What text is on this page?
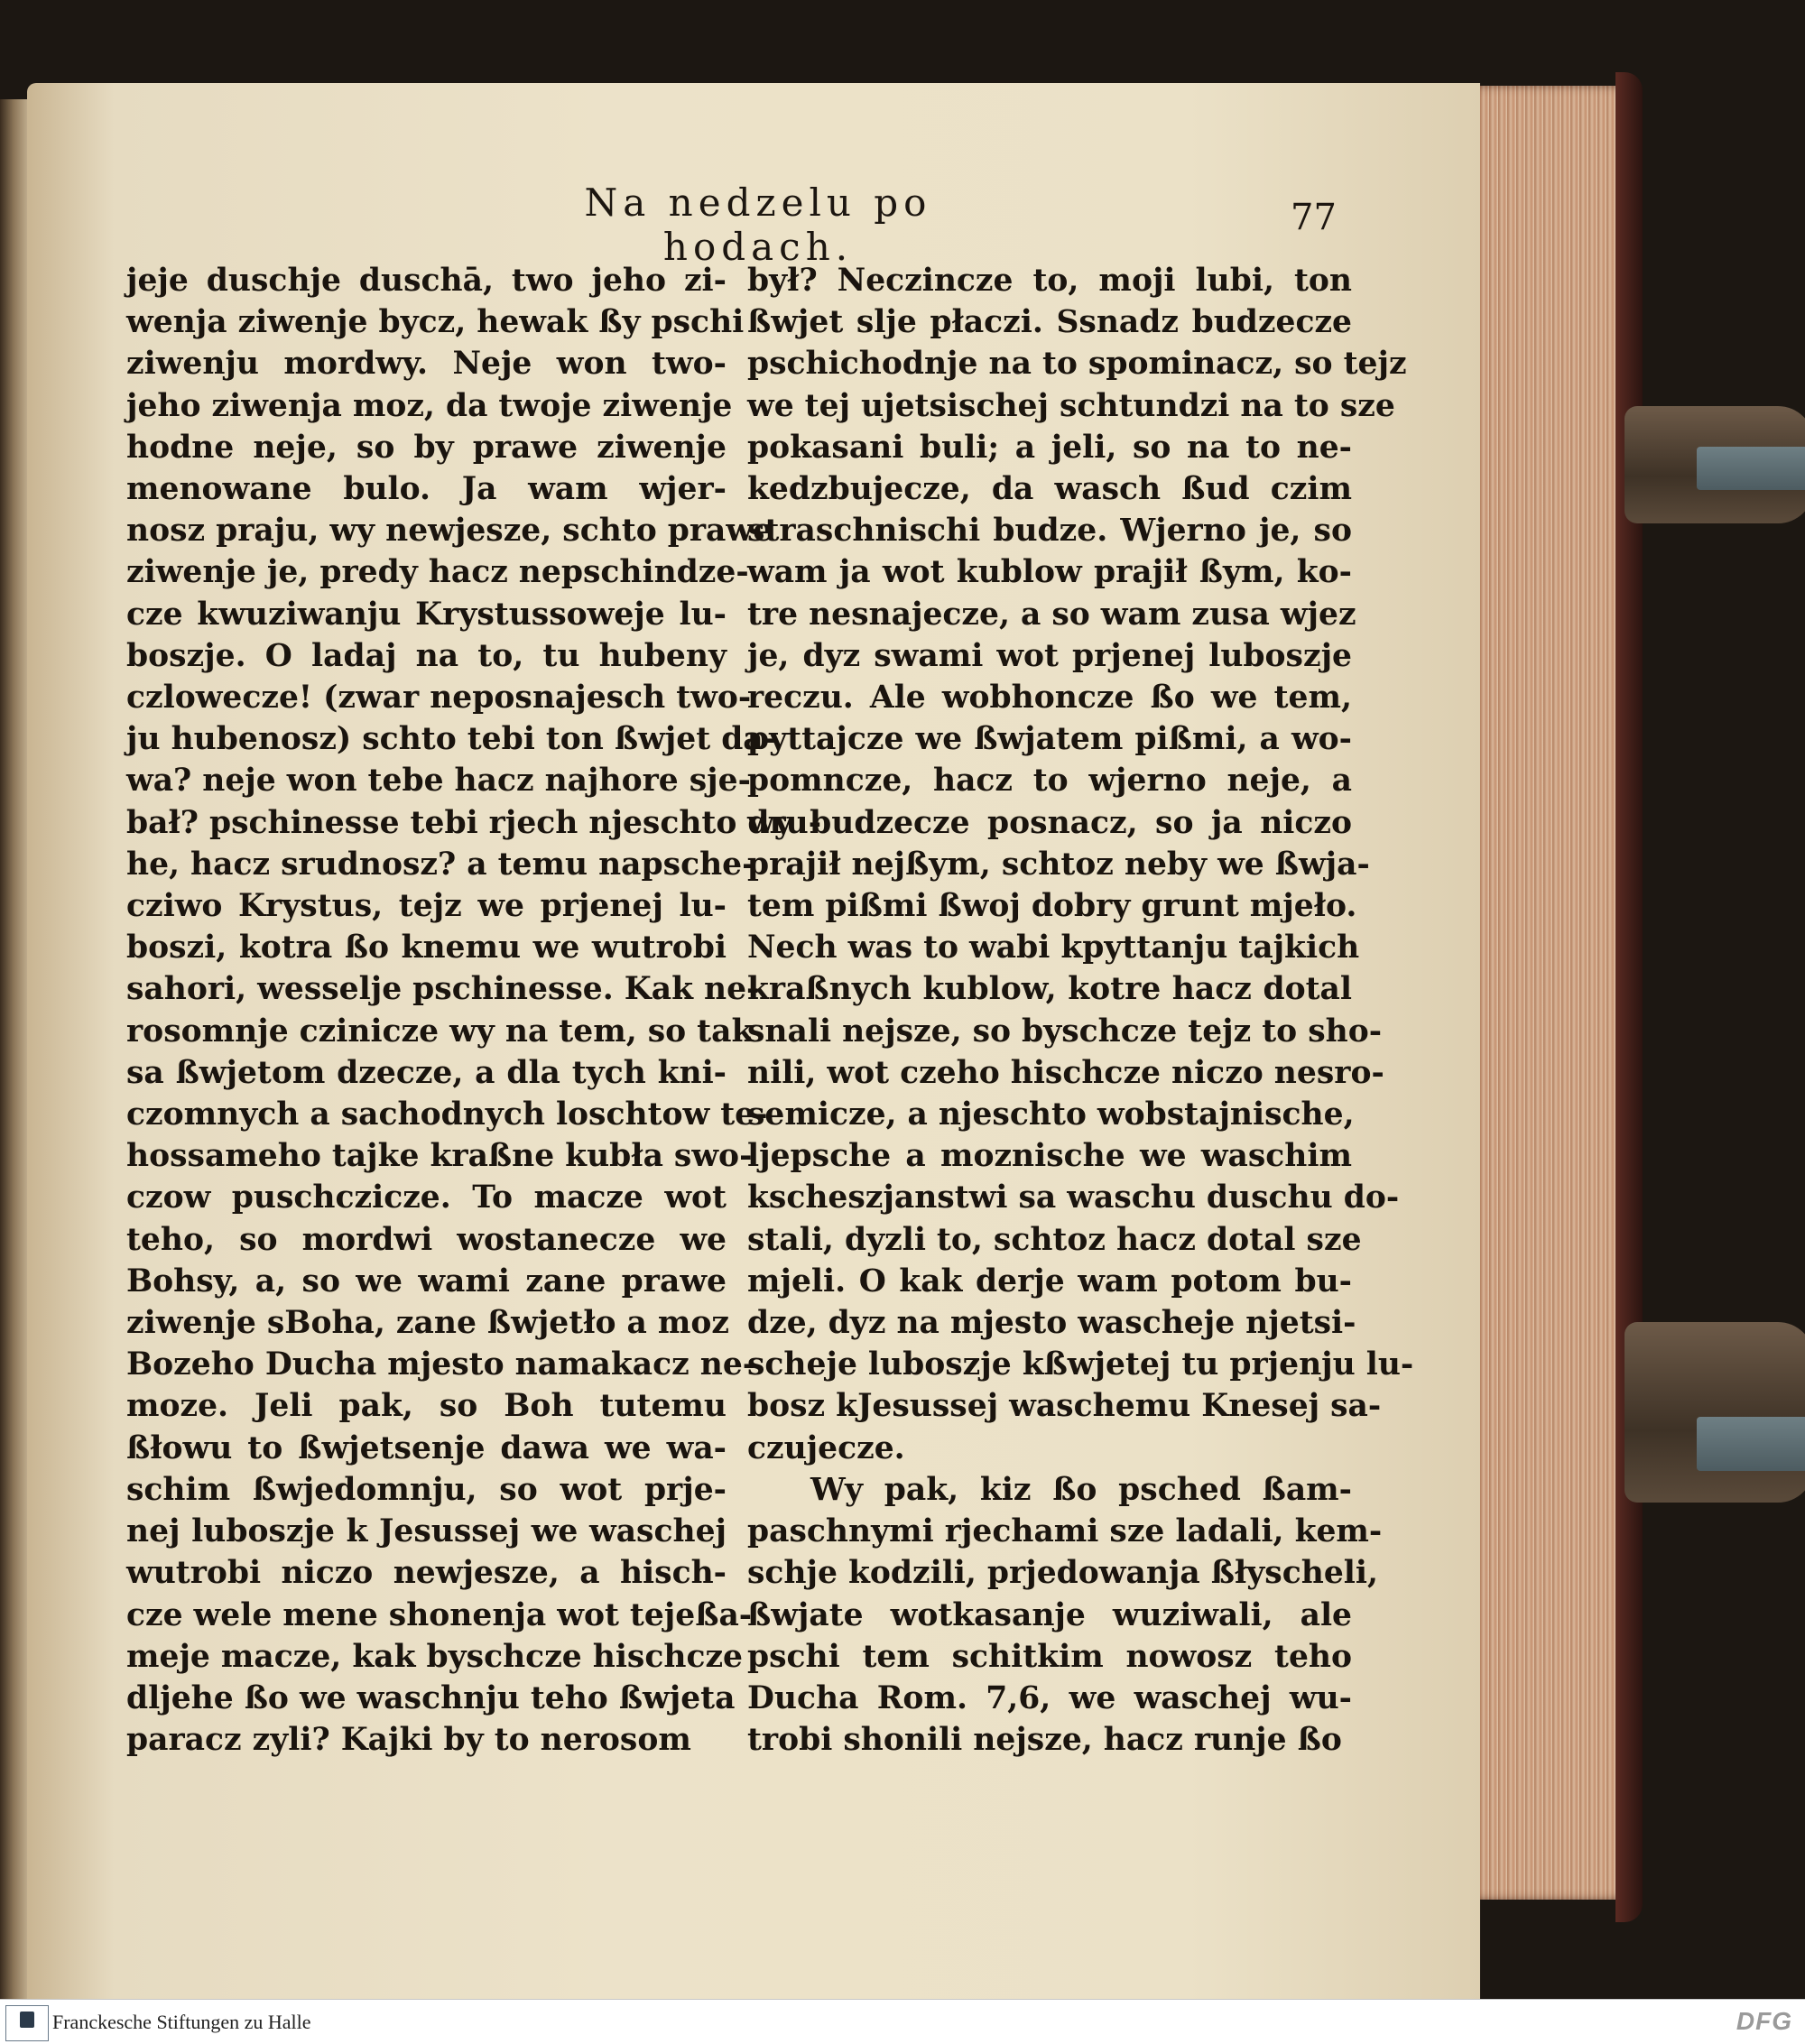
Na nedzelu po hodach.
77
jeje duschje duschā, two jeho zi-
wenja ziwenje bycz, hewak ßy pschi
ziwenju mordwy. Neje won two-
jeho ziwenja moz, da twoje ziwenje
hodne neje, so by prawe ziwenje
menowane bulo. Ja wam wjer-
nosz praju, wy newjesze, schto prawe
ziwenje je, predy hacz nepschindze-
cze kwuziwanju Krystussoweje lu-
boszje. O ladaj na to, tu hubeny
czlowecze! (zwar neposnajesch two-
ju hubenosz) schto tebi ton ßwjet da-
wa? neje won tebe hacz najhore sje-
bał? pschinesse tebi rjech njeschto dru-
he, hacz srudnosz? a temu napsche-
cziwo Krystus, tejz we prjenej lu-
boszi, kotra ßo knemu we wutrobi
sahori, wesselje pschinesse. Kak ne-
rosomnje czinicze wy na tem, so tak
sa ßwjetom dzecze, a dla tych kni-
czomnych a sachodnych loschtow te-
hossameho tajke kraßne kubła swo-
czow puschczicze. To macze wot
teho, so mordwi wostanecze we
Bohsy, a, so we wami zane prawe
ziwenje sBoha, zane ßwjetło a moz
Bozeho Ducha mjesto namakacz ne-
moze. Jeli pak, so Boh tutemu
ßłowu to ßwjetsenje dawa we wa-
schim ßwjedomnju, so wot prje-
nej luboszje k Jesussej we waschej
wutrobi niczo newjesze, a hisch-
cze wele mene shonenja wot tejeßa-
meje macze, kak byschcze hischcze
dljehe ßo we waschnju teho ßwjeta
paracz zyli? Kajki by to nerosom
był? Neczincze to, moji lubi, ton
ßwjet slje płaczi. Ssnadz budzecze
pschichodnje na to spominacz, so tejz
we tej ujetsischej schtundzi na to sze
pokasani buli; a jeli, so na to ne-
kedzbujecze, da wasch ßud czim
straschnischi budze. Wjerno je, so
wam ja wot kublow prajił ßym, ko-
tre nesnajecze, a so wam zusa wjez
je, dyz swami wot prjenej luboszje
reczu. Ale wobhoncze ßo we tem,
pyttajcze we ßwjatem pißmi, a wo-
pomncze, hacz to wjerno neje, a
wy budzecze posnacz, so ja niczo
prajił nejßym, schtoz neby we ßwja-
tem pißmi ßwoj dobry grunt mjeło.
Nech was to wabi kpyttanju tajkich
kraßnych kublow, kotre hacz dotal
snali nejsze, so byschcze tejz to sho-
nili, wot czeho hischcze niczo nesro-
semicze, a njeschto wobstajnische,
ljepsche a moznische we waschim
kscheszjanstwi sa waschu duschu do-
stali, dyzli to, schtoz hacz dotal sze
mjeli. O kak derje wam potom bu-
dze, dyz na mjesto wascheje njetsi-
scheje luboszje kßwjetej tu prjenju lu-
bosz kJesussej waschemu Knesej sa-
czujecze.
Wy pak, kiz ßo psched ßam-
paschnymi rjechami sze ladali, kem-
schje kodzili, prjedowanja ßłyscheli,
ßwjate wotkasanje wuziwali, ale
pschi tem schitkim nowosz teho
Ducha Rom. 7,6, we waschej wu-
trobi shonili nejsze, hacz runje ßo
Franckesche Stiftungen zu Halle	DFG
